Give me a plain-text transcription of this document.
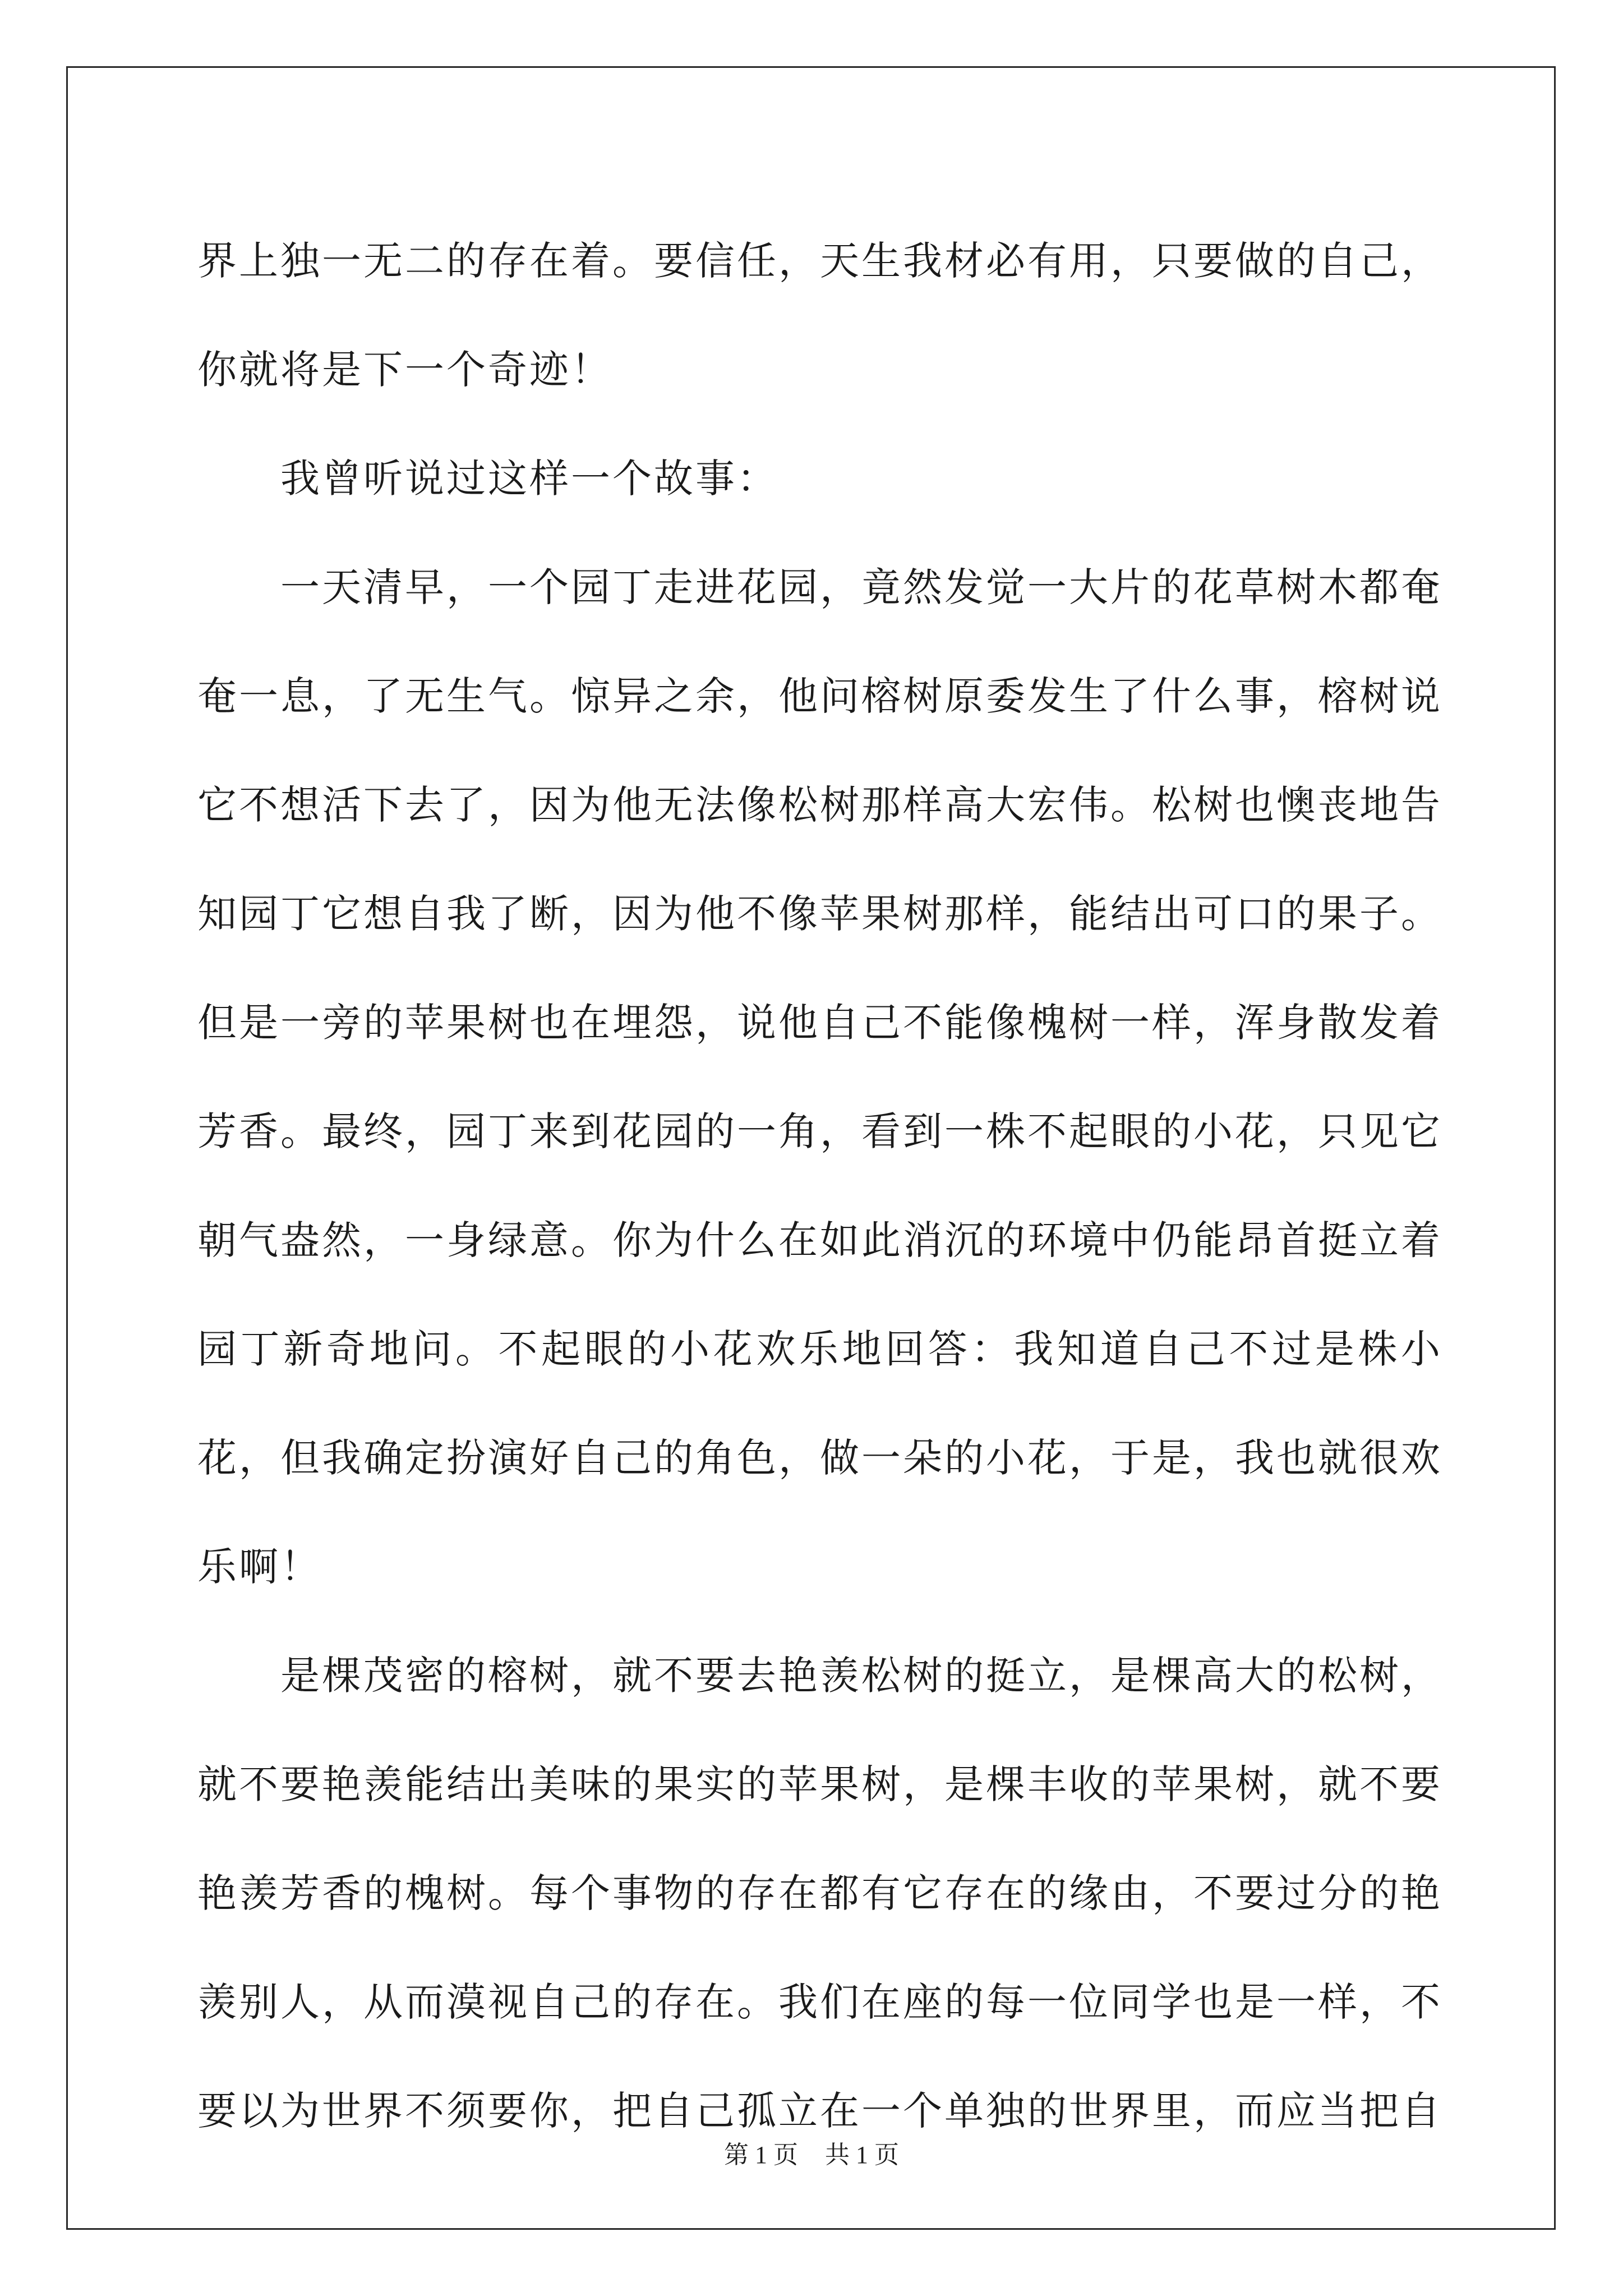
界上独一无二的存在着。要信任，天生我材必有用，只要做的自己，你就将是下一个奇迹！

我曾听说过这样一个故事：

一天清早，一个园丁走进花园，竟然发觉一大片的花草树木都奄奄一息，了无生气。惊异之余，他问榕树原委发生了什么事，榕树说它不想活下去了，因为他无法像松树那样高大宏伟。松树也懊丧地告知园丁它想自我了断，因为他不像苹果树那样，能结出可口的果子。但是一旁的苹果树也在埋怨，说他自己不能像槐树一样，浑身散发着芳香。最终，园丁来到花园的一角，看到一株不起眼的小花，只见它朝气盎然，一身绿意。你为什么在如此消沉的环境中仍能昂首挺立着园丁新奇地问。不起眼的小花欢乐地回答：我知道自己不过是株小花，但我确定扮演好自己的角色，做一朵的小花，于是，我也就很欢乐啊！

是棵茂密的榕树，就不要去艳羡松树的挺立，是棵高大的松树，就不要艳羡能结出美味的果实的苹果树，是棵丰收的苹果树，就不要艳羡芳香的槐树。每个事物的存在都有它存在的缘由，不要过分的艳羡别人，从而漠视自己的存在。我们在座的每一位同学也是一样，不要以为世界不须要你，把自己孤立在一个单独的世界里，而应当把自

第 1 页 共 1 页
